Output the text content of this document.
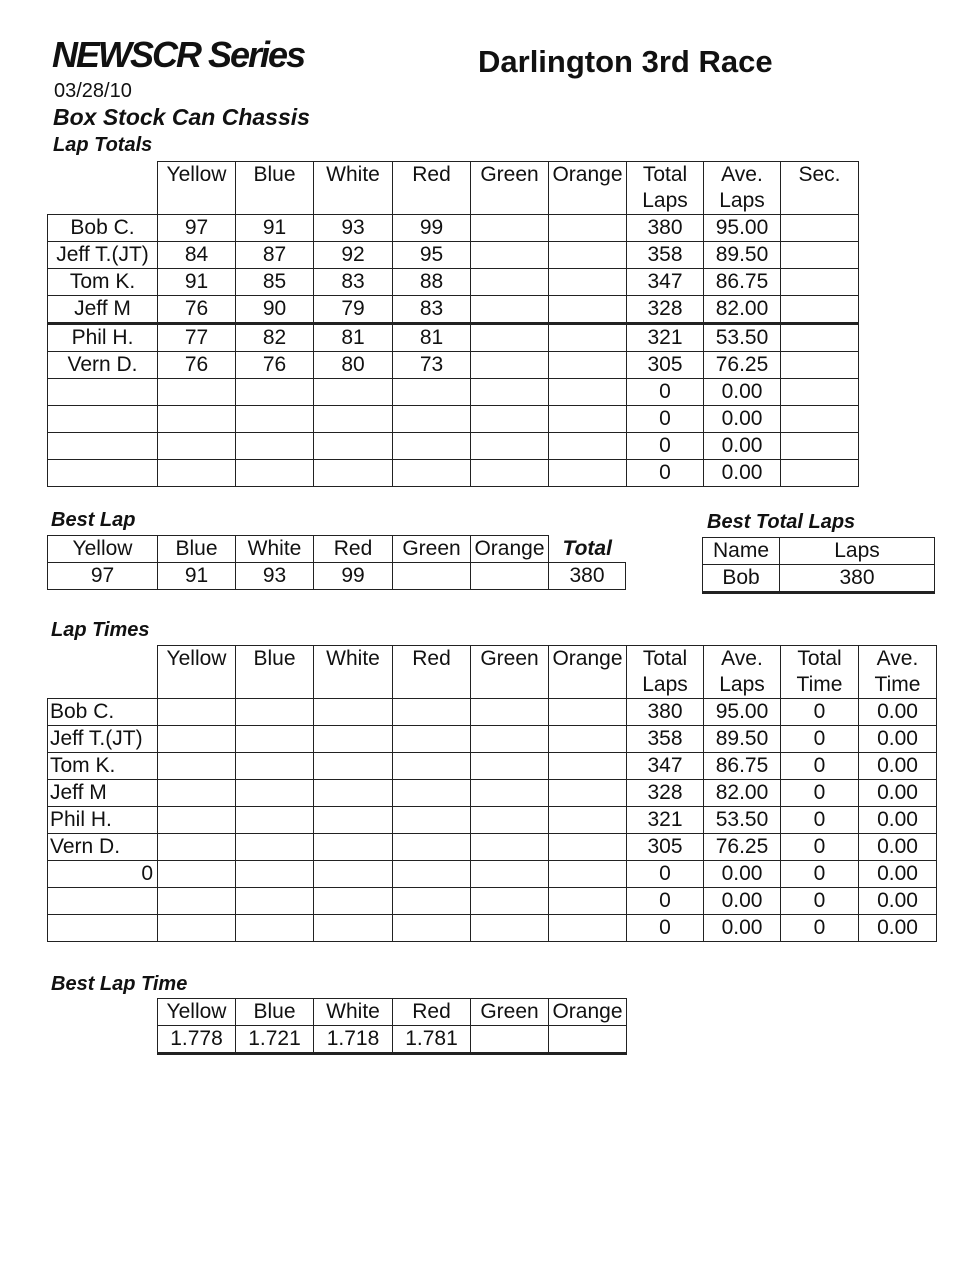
NEWSCR Series	Darlington 3rd Race
03/28/10
Box Stock Can Chassis
Lap Totals
	Yellow	Blue	White	Red	Green	Orange	Total Laps	Ave. Laps	Sec.
Bob C.	97	91	93	99			380	95.00	
Jeff T.(JT)	84	87	92	95			358	89.50	
Tom K.	91	85	83	88			347	86.75	
Jeff M	76	90	79	83			328	82.00	
Phil H.	77	82	81	81			321	53.50	
Vern D.	76	76	80	73			305	76.25	
							0	0.00	
							0	0.00	
							0	0.00	
							0	0.00	
Best Lap
Yellow	Blue	White	Red	Green	Orange	Total
97	91	93	99			380
Best Total Laps
Name	Laps
Bob	380
Lap Times
	Yellow	Blue	White	Red	Green	Orange	Total Laps	Ave. Laps	Total Time	Ave. Time
Bob C.							380	95.00	0	0.00
Jeff T.(JT)							358	89.50	0	0.00
Tom K.							347	86.75	0	0.00
Jeff M							328	82.00	0	0.00
Phil H.							321	53.50	0	0.00
Vern D.							305	76.25	0	0.00
0							0	0.00	0	0.00
							0	0.00	0	0.00
							0	0.00	0	0.00
Best Lap Time
Yellow	Blue	White	Red	Green	Orange
1.778	1.721	1.718	1.781		
